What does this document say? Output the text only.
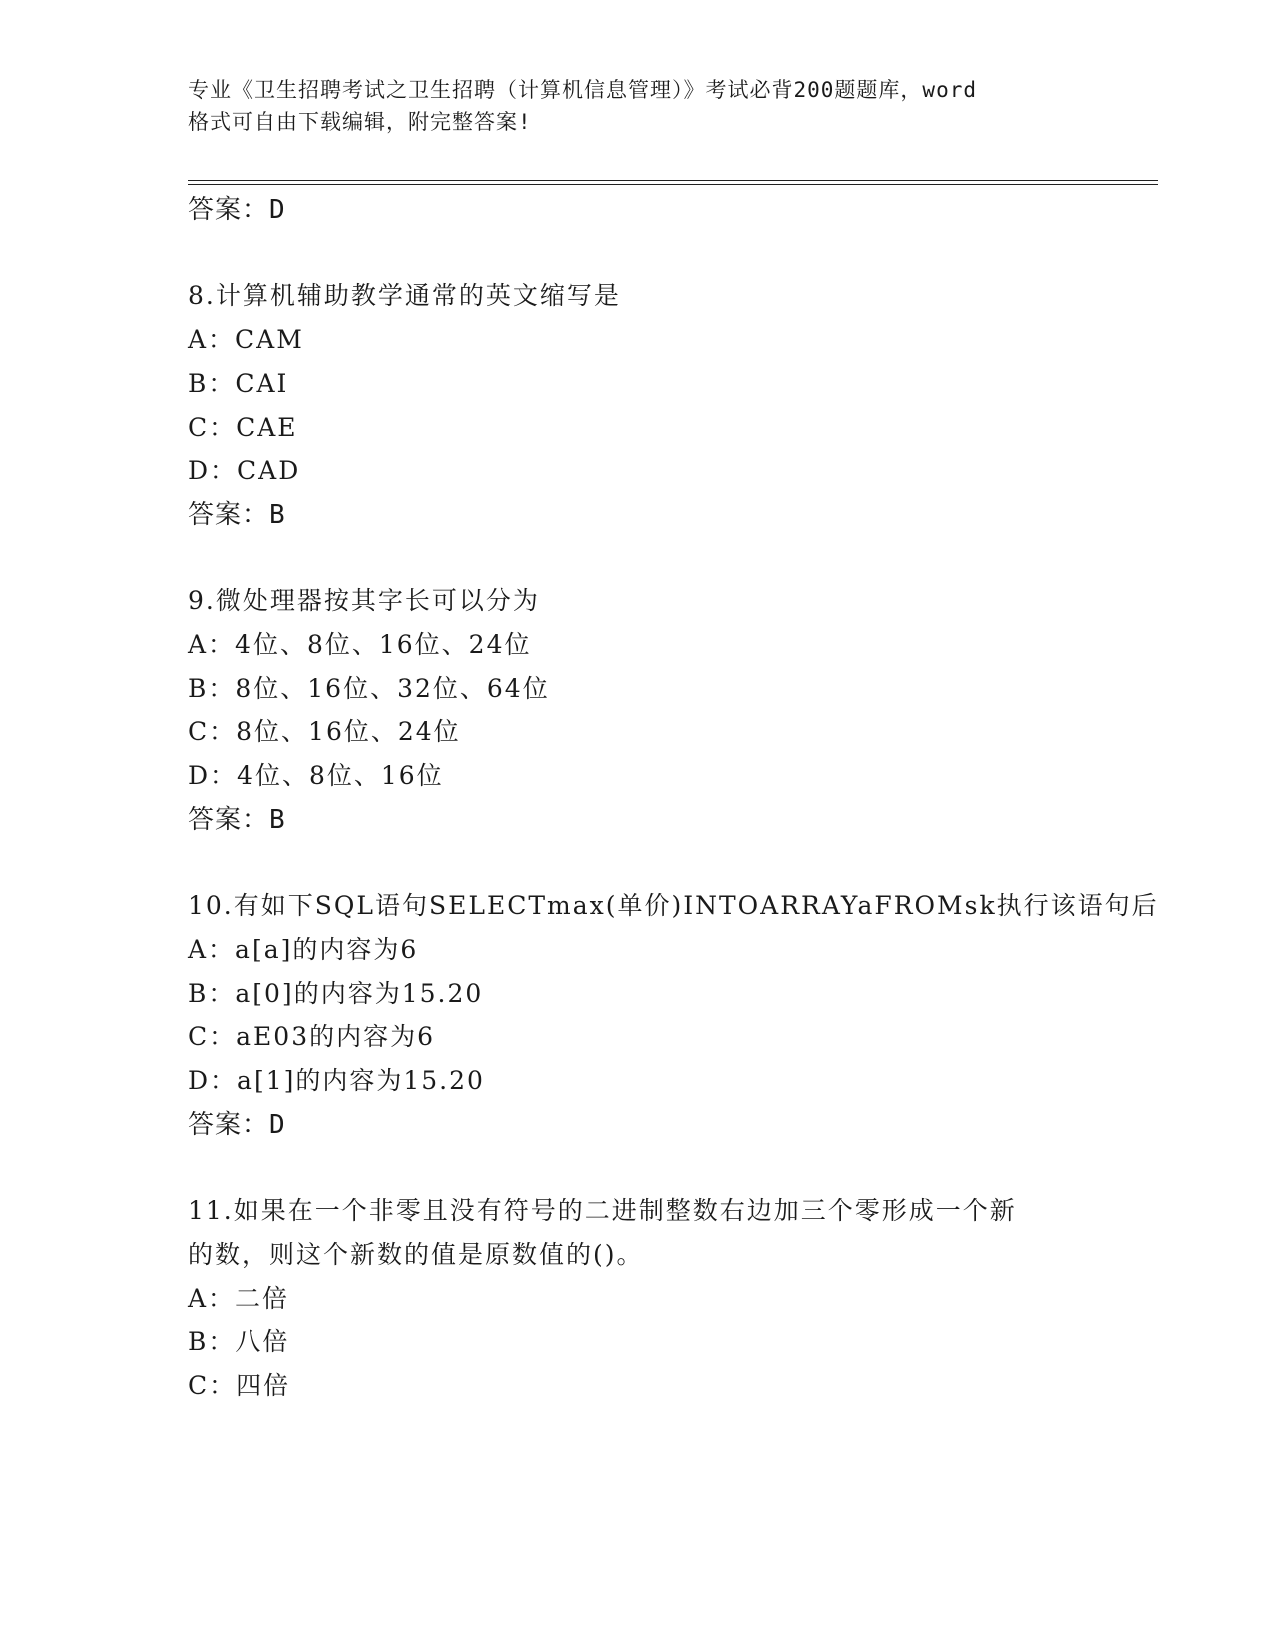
专业《卫生招聘考试之卫生招聘（计算机信息管理）》考试必背200题题库，word
格式可自由下载编辑，附完整答案!
答案：D
8.计算机辅助教学通常的英文缩写是
A：CAM
B：CAI
C：CAE
D：CAD
答案：B
9.微处理器按其字长可以分为
A：4位、8位、16位、24位
B：8位、16位、32位、64位
C：8位、16位、24位
D：4位、8位、16位
答案：B
10.有如下SQL语句SELECTmax(单价)INTOARRAYaFROMsk执行该语句后
A：a[a]的内容为6
B：a[0]的内容为15.20
C：aE03的内容为6
D：a[1]的内容为15.20
答案：D
11.如果在一个非零且没有符号的二进制整数右边加三个零形成一个新
的数，则这个新数的值是原数值的()。
A：二倍
B：八倍
C：四倍
